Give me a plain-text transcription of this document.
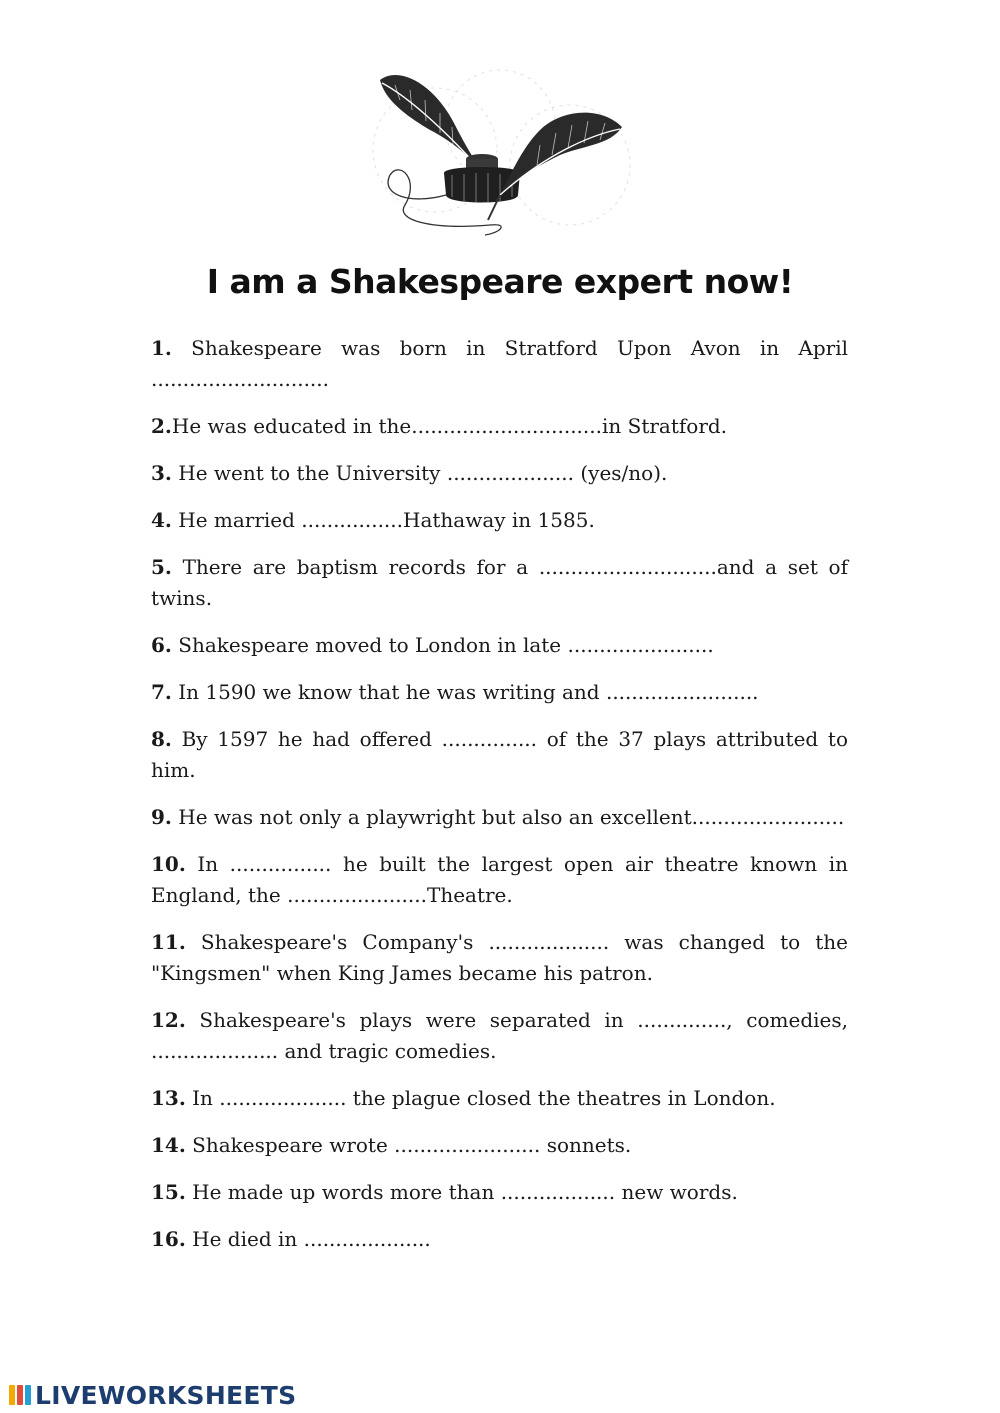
I am a Shakespeare expert now!

1. Shakespeare was born in Stratford Upon Avon in April ............................

2.He was educated in the..............................in Stratford.

3. He went to the University .................... (yes/no).

4. He married ................Hathaway in 1585.

5. There are baptism records for a ............................and a set of twins.

6. Shakespeare moved to London in late .......................

7. In 1590 we know that he was writing and ........................

8. By 1597 he had offered ............... of the 37 plays attributed to him.

9. He was not only a playwright but also an excellent........................

10. In ................ he built the largest open air theatre known in England, the ......................Theatre.

11. Shakespeare's Company's ................... was changed to the "Kingsmen" when King James became his patron.

12. Shakespeare's plays were separated in .............., comedies, .................... and tragic comedies.

13. In .................... the plague closed the theatres in London.

14. Shakespeare wrote ....................... sonnets.

15. He made up words more than .................. new words.

16. He died in ....................

LIVEWORKSHEETS
